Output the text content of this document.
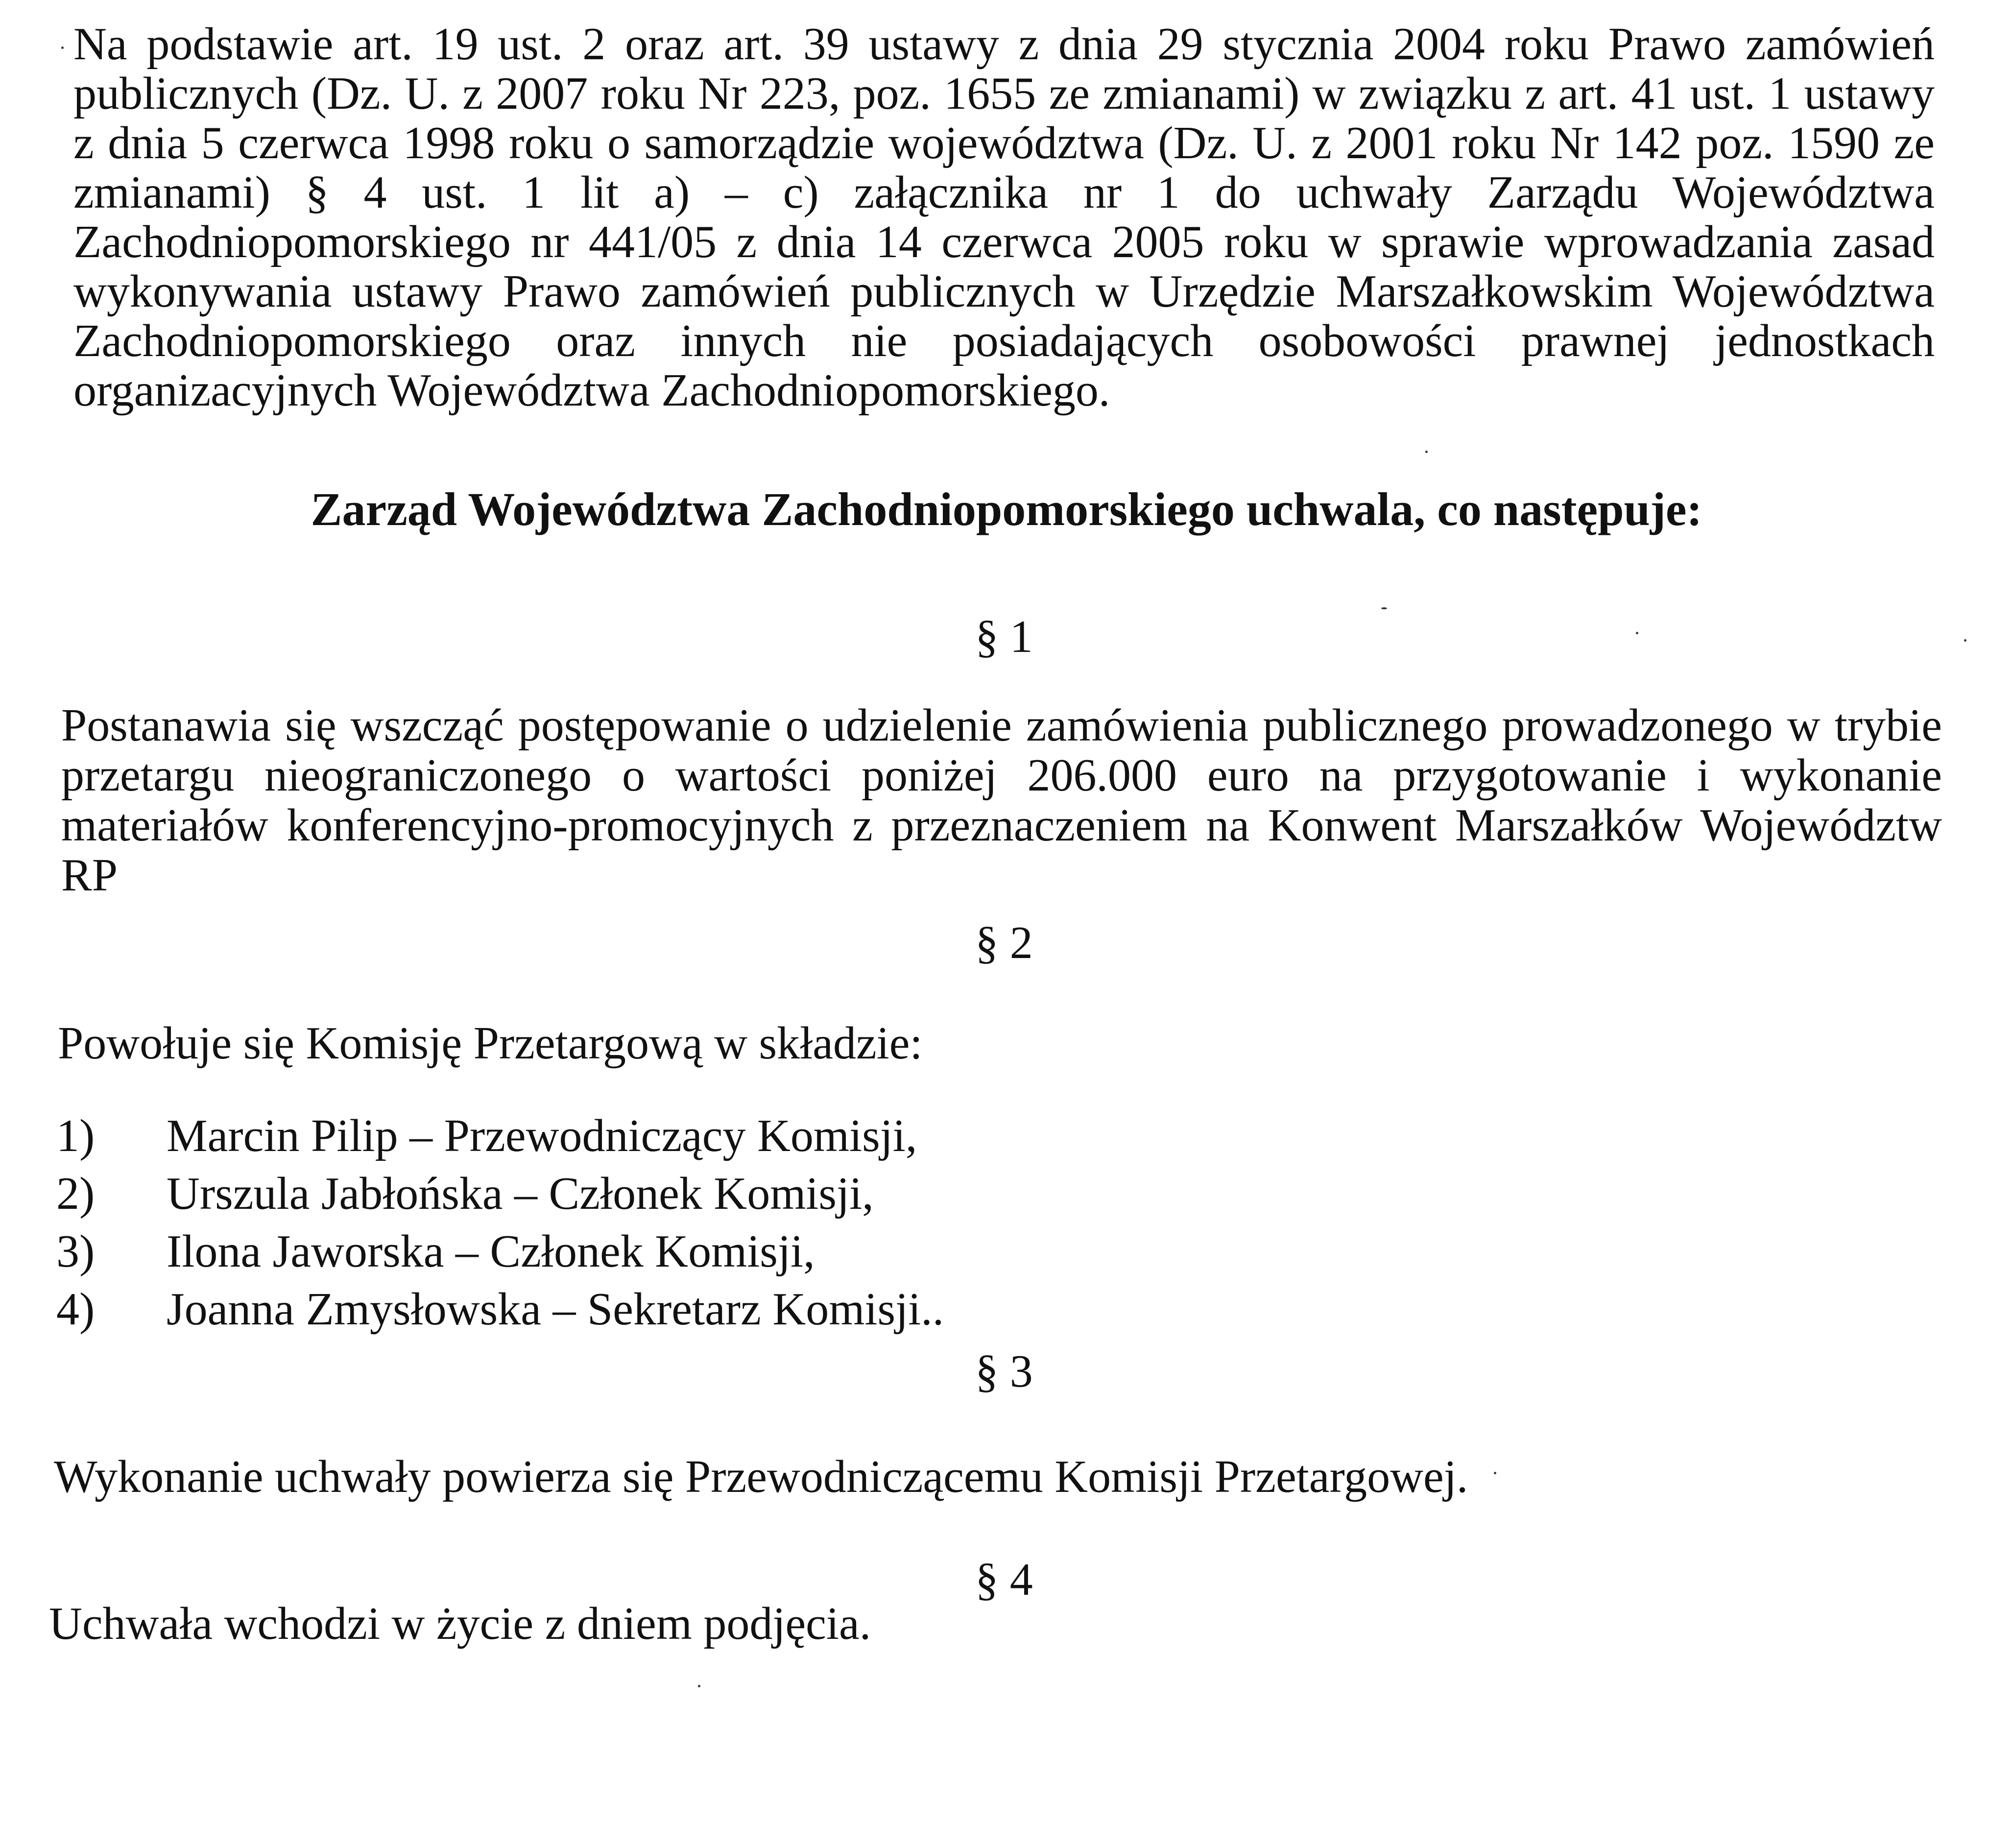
Na podstawie art. 19 ust. 2 oraz art. 39 ustawy z dnia 29 stycznia 2004 roku Prawo zamówień publicznych (Dz. U. z 2007 roku Nr 223, poz. 1655 ze zmianami) w związku z art. 41 ust. 1 ustawy z dnia 5 czerwca 1998 roku o samorządzie województwa (Dz. U. z 2001 roku Nr 142 poz. 1590 ze zmianami) § 4 ust. 1 lit a) – c) załącznika nr 1 do uchwały Zarządu Województwa Zachodniopomorskiego nr 441/05 z dnia 14 czerwca 2005 roku w sprawie wprowadzania zasad wykonywania ustawy Prawo zamówień publicznych w Urzędzie Marszałkowskim Województwa Zachodniopomorskiego oraz innych nie posiadających osobowości prawnej jednostkach organizacyjnych Województwa Zachodniopomorskiego.

Zarząd Województwa Zachodniopomorskiego uchwala, co następuje:
§ 1

Postanawia się wszcząć postępowanie o udzielenie zamówienia publicznego prowadzonego w trybie przetargu nieograniczonego o wartości poniżej 206.000 euro na przygotowanie i wykonanie materiałów konferencyjno-promocyjnych z przeznaczeniem na Konwent Marszałków Województw RP

§ 2
Powołuje się Komisję Przetargową w składzie:
1)	Marcin Pilip – Przewodniczący Komisji,
2)	Urszula Jabłońska – Członek Komisji,
3)	Ilona Jaworska – Członek Komisji,
4)	Joanna Zmysłowska – Sekretarz Komisji..
§ 3
Wykonanie uchwały powierza się Przewodniczącemu Komisji Przetargowej.
§ 4
Uchwała wchodzi w życie z dniem podjęcia.
